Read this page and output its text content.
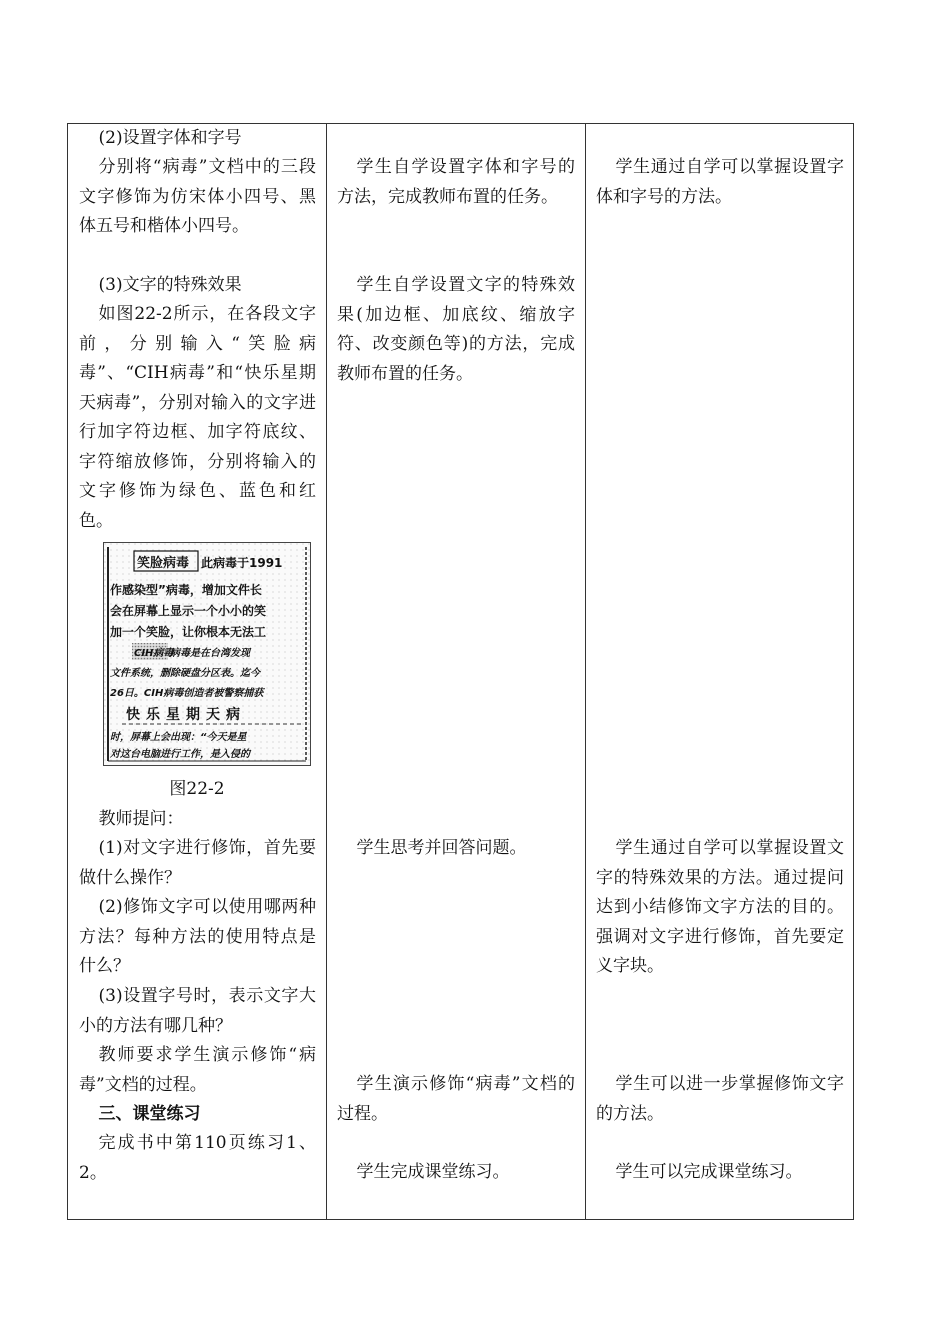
(2)设置字体和字号
分别将“病毒”文档中的三段文字修饰为仿宋体小四号、黑体五号和楷体小四号。
(3)文字的特殊效果
如图22-2所示，在各段文字前，分别输入“笑脸病毒”、“CIH病毒”和“快乐星期天病毒”，分别对输入的文字进行加字符边框、加字符底纹、字符缩放修饰，分别将输入的文字修饰为绿色、蓝色和红色。
笑脸病毒 此病毒于1991
作感染型”病毒，增加文件长
会在屏幕上显示一个小小的笑
加一个笑脸，让你根本无法工
CIH病毒
病毒是在台湾发现
文件系统，删除硬盘分区表。迄今
26日。CIH病毒创造者被警察捕获
快乐星期天病
时，屏幕上会出现：“今天是星
对这台电脑进行工作，是入侵的
图22-2
教师提问：
(1)对文字进行修饰，首先要做什么操作？
(2)修饰文字可以使用哪两种方法？每种方法的使用特点是什么？
(3)设置字号时，表示文字大小的方法有哪几种？
教师要求学生演示修饰“病毒”文档的过程。
三、课堂练习
完成书中第110页练习1、2。
学生自学设置字体和字号的方法，完成教师布置的任务。
学生自学设置文字的特殊效果(加边框、加底纹、缩放字符、改变颜色等)的方法，完成教师布置的任务。
学生思考并回答问题。
学生演示修饰“病毒”文档的过程。
学生完成课堂练习。
学生通过自学可以掌握设置字体和字号的方法。
学生通过自学可以掌握设置文字的特殊效果的方法。通过提问达到小结修饰文字方法的目的。强调对文字进行修饰，首先要定义字块。
学生可以进一步掌握修饰文字的方法。
学生可以完成课堂练习。
